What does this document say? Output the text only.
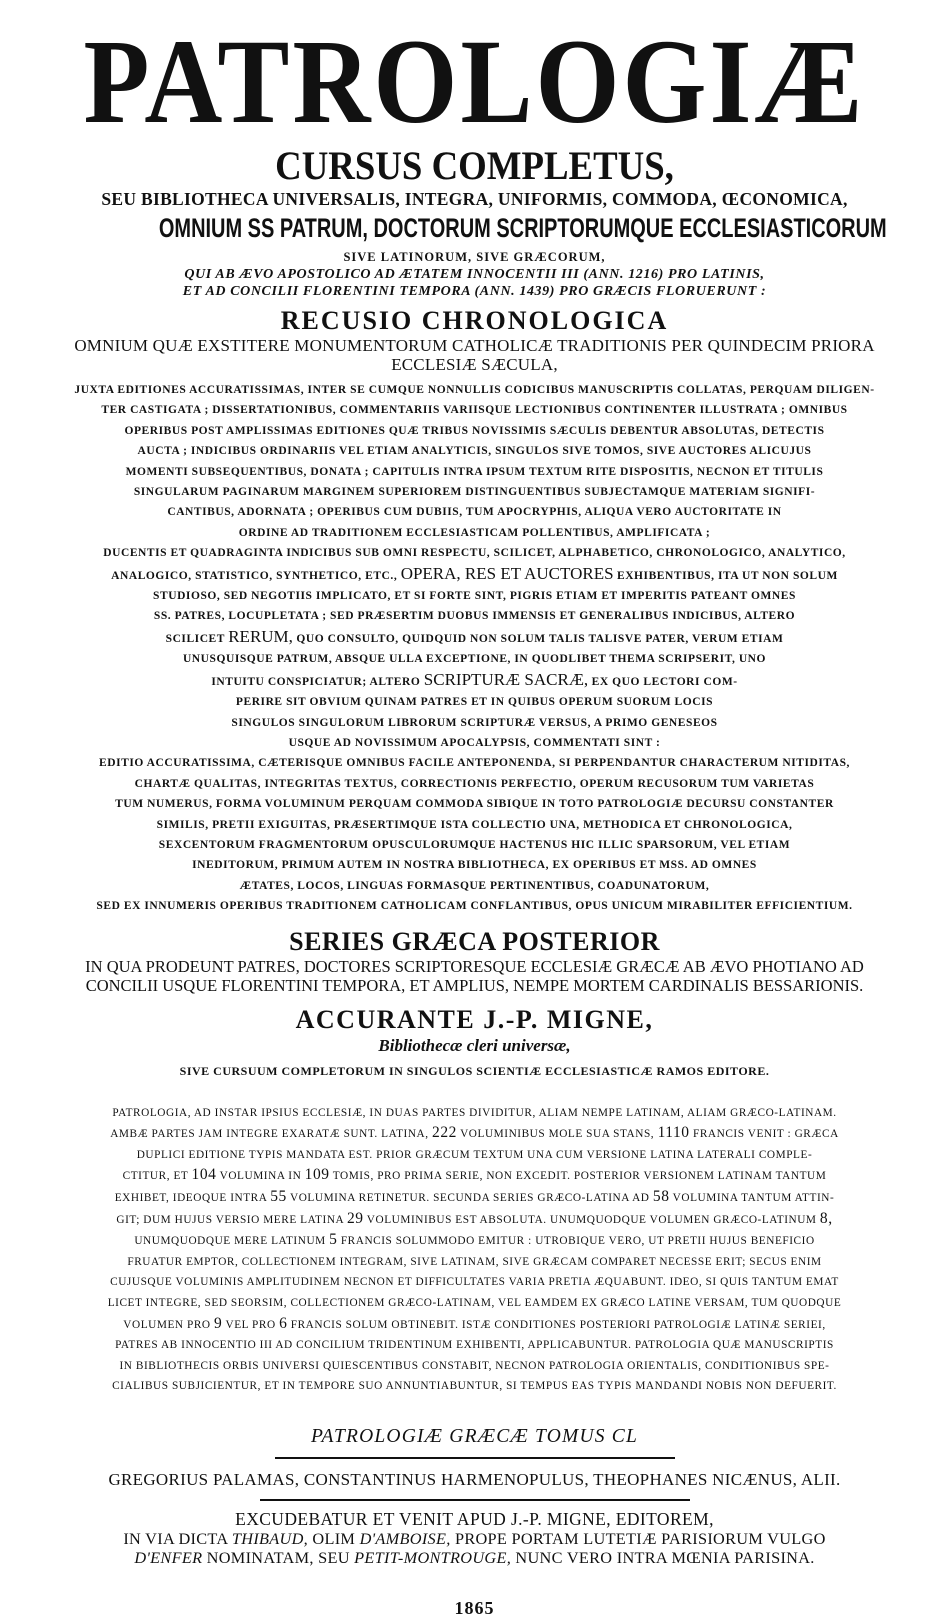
PATROLOGIÆ
CURSUS COMPLETUS,
SEU BIBLIOTHECA UNIVERSALIS, INTEGRA, UNIFORMIS, COMMODA, ŒCONOMICA,
OMNIUM SS PATRUM, DOCTORUM SCRIPTORUMQUE ECCLESIASTICORUM
SIVE LATINORUM, SIVE GRÆCORUM,
QUI AB ÆVO APOSTOLICO AD ÆTATEM INNOCENTII III (ANN. 1216) PRO LATINIS,
ET AD CONCILII FLORENTINI TEMPORA (ANN. 1439) PRO GRÆCIS FLORUERUNT :
RECUSIO CHRONOLOGICA
OMNIUM QUÆ EXSTITERE MONUMENTORUM CATHOLICÆ TRADITIONIS PER QUINDECIM PRIORA
ECCLESIÆ SÆCULA,
JUXTA EDITIONES ACCURATISSIMAS, INTER SE CUMQUE NONNULLIS CODICIBUS MANUSCRIPTIS COLLATAS, PERQUAM DILIGEN-
TER CASTIGATA ; DISSERTATIONIBUS, COMMENTARIIS VARIISQUE LECTIONIBUS CONTINENTER ILLUSTRATA ; OMNIBUS
OPERIBUS POST AMPLISSIMAS EDITIONES QUÆ TRIBUS NOVISSIMIS SÆCULIS DEBENTUR ABSOLUTAS, DETECTIS
AUCTA ; INDICIBUS ORDINARIIS VEL ETIAM ANALYTICIS, SINGULOS SIVE TOMOS, SIVE AUCTORES ALICUJUS
MOMENTI SUBSEQUENTIBUS, DONATA ; CAPITULIS INTRA IPSUM TEXTUM RITE DISPOSITIS, NECNON ET TITULIS
SINGULARUM PAGINARUM MARGINEM SUPERIOREM DISTINGUENTIBUS SUBJECTAMQUE MATERIAM SIGNIFI-
CANTIBUS, ADORNATA ; OPERIBUS CUM DUBIIS, TUM APOCRYPHIS, ALIQUA VERO AUCTORITATE IN
ORDINE AD TRADITIONEM ECCLESIASTICAM POLLENTIBUS, AMPLIFICATA ;
DUCENTIS ET QUADRAGINTA INDICIBUS SUB OMNI RESPECTU, SCILICET, ALPHABETICO, CHRONOLOGICO, ANALYTICO,
ANALOGICO, STATISTICO, SYNTHETICO, ETC., OPERA, RES ET AUCTORES EXHIBENTIBUS, ITA UT NON SOLUM
STUDIOSO, SED NEGOTIIS IMPLICATO, ET SI FORTE SINT, PIGRIS ETIAM ET IMPERITIS PATEANT OMNES
SS. PATRES, LOCUPLETATA ; SED PRÆSERTIM DUOBUS IMMENSIS ET GENERALIBUS INDICIBUS, ALTERO
SCILICET RERUM, QUO CONSULTO, QUIDQUID NON SOLUM TALIS TALISVE PATER, VERUM ETIAM
UNUSQUISQUE PATRUM, ABSQUE ULLA EXCEPTIONE, IN QUODLIBET THEMA SCRIPSERIT, UNO
INTUITU CONSPICIATUR; ALTERO SCRIPTURÆ SACRÆ, EX QUO LECTORI COM-
PERIRE SIT OBVIUM QUINAM PATRES ET IN QUIBUS OPERUM SUORUM LOCIS
SINGULOS SINGULORUM LIBRORUM SCRIPTURÆ VERSUS, A PRIMO GENESEOS
USQUE AD NOVISSIMUM APOCALYPSIS, COMMENTATI SINT :
EDITIO ACCURATISSIMA, CÆTERISQUE OMNIBUS FACILE ANTEPONENDA, SI PERPENDANTUR CHARACTERUM NITIDITAS,
CHARTÆ QUALITAS, INTEGRITAS TEXTUS, CORRECTIONIS PERFECTIO, OPERUM RECUSORUM TUM VARIETAS
TUM NUMERUS, FORMA VOLUMINUM PERQUAM COMMODA SIBIQUE IN TOTO PATROLOGIÆ DECURSU CONSTANTER
SIMILIS, PRETII EXIGUITAS, PRÆSERTIMQUE ISTA COLLECTIO UNA, METHODICA ET CHRONOLOGICA,
SEXCENTORUM FRAGMENTORUM OPUSCULORUMQUE HACTENUS HIC ILLIC SPARSORUM, VEL ETIAM
INEDITORUM, PRIMUM AUTEM IN NOSTRA BIBLIOTHECA, EX OPERIBUS ET MSS. AD OMNES
ÆTATES, LOCOS, LINGUAS FORMASQUE PERTINENTIBUS, COADUNATORUM,
SED EX INNUMERIS OPERIBUS TRADITIONEM CATHOLICAM CONFLANTIBUS, OPUS UNICUM MIRABILITER EFFICIENTIUM.
SERIES GRÆCA POSTERIOR
IN QUA PRODEUNT PATRES, DOCTORES SCRIPTORESQUE ECCLESIÆ GRÆCÆ AB ÆVO PHOTIANO AD
CONCILII USQUE FLORENTINI TEMPORA, ET AMPLIUS, NEMPE MORTEM CARDINALIS BESSARIONIS.
ACCURANTE J.-P. MIGNE,
Bibliothecæ cleri universæ,
SIVE CURSUUM COMPLETORUM IN SINGULOS SCIENTIÆ ECCLESIASTICÆ RAMOS EDITORE.
PATROLOGIA, AD INSTAR IPSIUS ECCLESIÆ, IN DUAS PARTES DIVIDITUR, ALIAM NEMPE LATINAM, ALIAM GRÆCO-LATINAM.
AMBÆ PARTES JAM INTEGRE EXARATÆ SUNT. LATINA, 222 VOLUMINIBUS MOLE SUA STANS, 1110 FRANCIS VENIT : GRÆCA
DUPLICI EDITIONE TYPIS MANDATA EST. PRIOR GRÆCUM TEXTUM UNA CUM VERSIONE LATINA LATERALI COMPLE-
CTITUR, ET 104 VOLUMINA IN 109 TOMIS, PRO PRIMA SERIE, NON EXCEDIT. POSTERIOR VERSIONEM LATINAM TANTUM
EXHIBET, IDEOQUE INTRA 55 VOLUMINA RETINETUR. SECUNDA SERIES GRÆCO-LATINA AD 58 VOLUMINA TANTUM ATTIN-
GIT; DUM HUJUS VERSIO MERE LATINA 29 VOLUMINIBUS EST ABSOLUTA. UNUMQUODQUE VOLUMEN GRÆCO-LATINUM 8,
UNUMQUODQUE MERE LATINUM 5 FRANCIS SOLUMMODO EMITUR : UTROBIQUE VERO, UT PRETII HUJUS BENEFICIO
FRUATUR EMPTOR, COLLECTIONEM INTEGRAM, SIVE LATINAM, SIVE GRÆCAM COMPARET NECESSE ERIT; SECUS ENIM
CUJUSQUE VOLUMINIS AMPLITUDINEM NECNON ET DIFFICULTATES VARIA PRETIA ÆQUABUNT. IDEO, SI QUIS TANTUM EMAT
LICET INTEGRE, SED SEORSIM, COLLECTIONEM GRÆCO-LATINAM, VEL EAMDEM EX GRÆCO LATINE VERSAM, TUM QUODQUE
VOLUMEN PRO 9 VEL PRO 6 FRANCIS SOLUM OBTINEBIT. ISTÆ CONDITIONES POSTERIORI PATROLOGIÆ LATINÆ SERIEI,
PATRES AB INNOCENTIO III AD CONCILIUM TRIDENTINUM EXHIBENTI, APPLICABUNTUR. PATROLOGIA QUÆ MANUSCRIPTIS
IN BIBLIOTHECIS ORBIS UNIVERSI QUIESCENTIBUS CONSTABIT, NECNON PATROLOGIA ORIENTALIS, CONDITIONIBUS SPE-
CIALIBUS SUBJICIENTUR, ET IN TEMPORE SUO ANNUNTIABUNTUR, SI TEMPUS EAS TYPIS MANDANDI NOBIS NON DEFUERIT.
PATROLOGIÆ GRÆCÆ TOMUS CL
GREGORIUS PALAMAS, CONSTANTINUS HARMENOPULUS, THEOPHANES NICÆNUS, ALII.
EXCUDEBATUR ET VENIT APUD J.-P. MIGNE, EDITOREM,
IN VIA DICTA THIBAUD, OLIM D'AMBOISE, PROPE PORTAM LUTETIÆ PARISIORUM VULGO
D'ENFER NOMINATAM, SEU PETIT-MONTROUGE, NUNC VERO INTRA MŒNIA PARISINA.
1865
